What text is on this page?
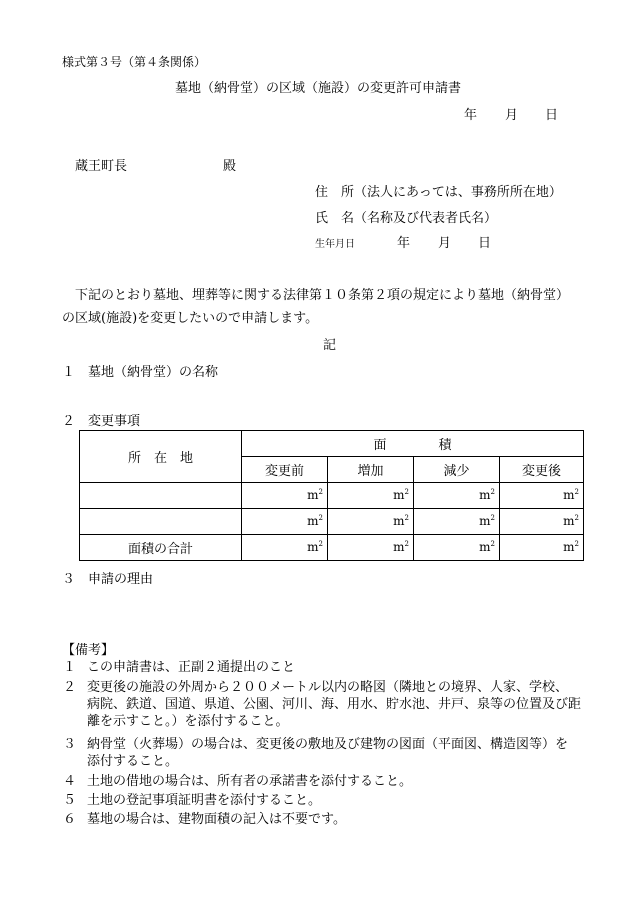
様式第３号（第４条関係）
墓地（納骨堂）の区域（施設）の変更許可申請書
年 月 日
蔵王町長	殿
住　所（法人にあっては、事務所所在地）
氏　名（名称及び代表者氏名）
生年月日	年 月 日
下記のとおり墓地、埋葬等に関する法律第１０条第２項の規定により墓地（納骨堂）
の区域(施設)を変更したいので申請します。
記
１　墓地（納骨堂）の名称
２　変更事項
所　在　地	面　　　　積			
	変更前	増加	減少	変更後
	$m^2$	$m^2$	$m^2$	$m^2$
	$m^2$	$m^2$	$m^2$	$m^2$
面積の合計	$m^2$	$m^2$	$m^2$	$m^2$
３　申請の理由
【備考】
１ この申請書は、正副２通提出のこと
２ 変更後の施設の外周から２００メートル以内の略図（隣地との境界、人家、学校、
病院、鉄道、国道、県道、公園、河川、海、用水、貯水池、井戸、泉等の位置及び距
離を示すこと。）を添付すること。
３ 納骨堂（火葬場）の場合は、変更後の敷地及び建物の図面（平面図、構造図等）を
添付すること。
４ 土地の借地の場合は、所有者の承諾書を添付すること。
５ 土地の登記事項証明書を添付すること。
６ 墓地の場合は、建物面積の記入は不要です。
